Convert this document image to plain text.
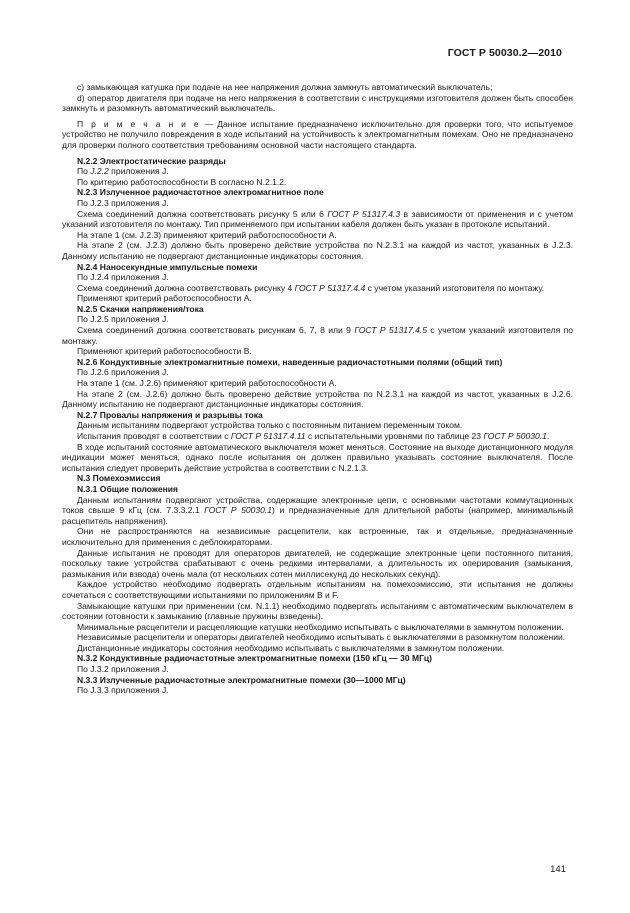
ГОСТ Р 50030.2—2010

с) замыкающая катушка при подаче на нее напряжения должна замкнуть автоматический выключатель;

d) оператор двигателя при подаче на него напряжения в соответствии с инструкциями изготовителя должен быть способен замкнуть и разомкнуть автоматический выключатель.

П р и м е ч а н и е — Данное испытание предназначено исключительно для проверки того, что испытуемое устройство не получило повреждения в ходе испытаний на устойчивость к электромагнитным помехам. Оно не предназначено для проверки полного соответствия требованиям основной части настоящего стандарта.

N.2.2 Электростатические разряды

По J.2.2 приложения J.

По критерию работоспособности В согласно N.2.1.2.

N.2.3 Излученное радиочастотное электромагнитное поле

По J.2.3 приложения J.

Схема соединений должна соответствовать рисунку 5 или 6 ГОСТ Р 51317.4.3 в зависимости от применения и с учетом указаний изготовителя по монтажу. Тип применяемого при испытании кабеля должен быть указан в протоколе испытаний.

На этапе 1 (см. J.2.3) применяют критерий работоспособности А.

На этапе 2 (см. J.2.3) должно быть проверено действие устройства по N.2.3.1 на каждой из частот, указанных в J.2.3. Данному испытанию не подвергают дистанционные индикаторы состояния.

N.2.4 Наносекундные импульсные помехи

По J.2.4 приложения J.

Схема соединений должна соответствовать рисунку 4 ГОСТ Р 51317.4.4 с учетом указаний изготовителя по монтажу.

Применяют критерий работоспособности А.

N.2.5 Скачки напряжения/тока

По J.2.5 приложения J.

Схема соединений должна соответствовать рисункам 6, 7, 8 или 9 ГОСТ Р 51317.4.5 с учетом указаний изготовителя по монтажу.

Применяют критерий работоспособности В.

N.2.6 Кондуктивные электромагнитные помехи, наведенные радиочастотными полями (общий тип)

По J.2.6 приложения J.

На этапе 1 (см. J.2.6) применяют критерий работоспособности А.

На этапе 2 (см. J.2.6) должно быть проверено действие устройства по N.2.3.1 на каждой из частот, указанных в J.2.6. Данному испытанию не подвергают дистанционные индикаторы состояния.

N.2.7 Провалы напряжения и разрывы тока

Данным испытаниям подвергают устройства только с постоянным питанием переменным током.

Испытания проводят в соответствии с ГОСТ Р 51317.4.11 с испытательными уровнями по таблице 23 ГОСТ Р 50030.1.

В ходе испытаний состояние автоматического выключателя может меняться. Состояние на выходе дистанционного модуля индикации может меняться, однако после испытания он должен правильно указывать состояние выключателя. После испытания следует проверить действие устройства в соответствии с N.2.1.3.

N.3 Помехоэмиссия

N.3.1 Общие положения

Данным испытаниям подвергают устройства, содержащие электронные цепи, с основными частотами коммутационных токов свыше 9 кГц (см. 7.3.3.2.1 ГОСТ Р 50030.1) и предназначенные для длительной работы (например, минимальный расцепитель напряжения).

Они не распространяются на независимые расцепители, как встроенные, так и отдельные, предназначенные исключительно для применения с деблокираторами.

Данные испытания не проводят для операторов двигателей, не содержащие электронные цепи постоянного питания, поскольку такие устройства срабатывают с очень редкими интервалами, а длительность их оперирования (замыкания, размыкания или взвода) очень мала (от нескольких сотен миллисекунд до нескольких секунд).

Каждое устройство необходимо подвергать отдельным испытаниям на помехоэмиссию, эти испытания не должны сочетаться с соответствующими испытаниями по приложениям В и F.

Замыкающие катушки при применении (см. N.1.1) необходимо подвергать испытаниям с автоматическим выключателем в состоянии готовности к замыканию (главные пружины взведены).

Минимальные расцепители и расцепляющие катушки необходимо испытывать с выключателями в замкнутом положении.

Независимые расцепители и операторы двигателей необходимо испытывать с выключателями в разомкнутом положении.

Дистанционные индикаторы состояния необходимо испытывать с выключателями в замкнутом положении.

N.3.2 Кондуктивные радиочастотные электромагнитные помехи (150 кГц — 30 МГц)

По J.3.2 приложения J.

N.3.3 Излученные радиочастотные электромагнитные помехи (30—1000 МГц)

По J.3.3 приложения J.

141
